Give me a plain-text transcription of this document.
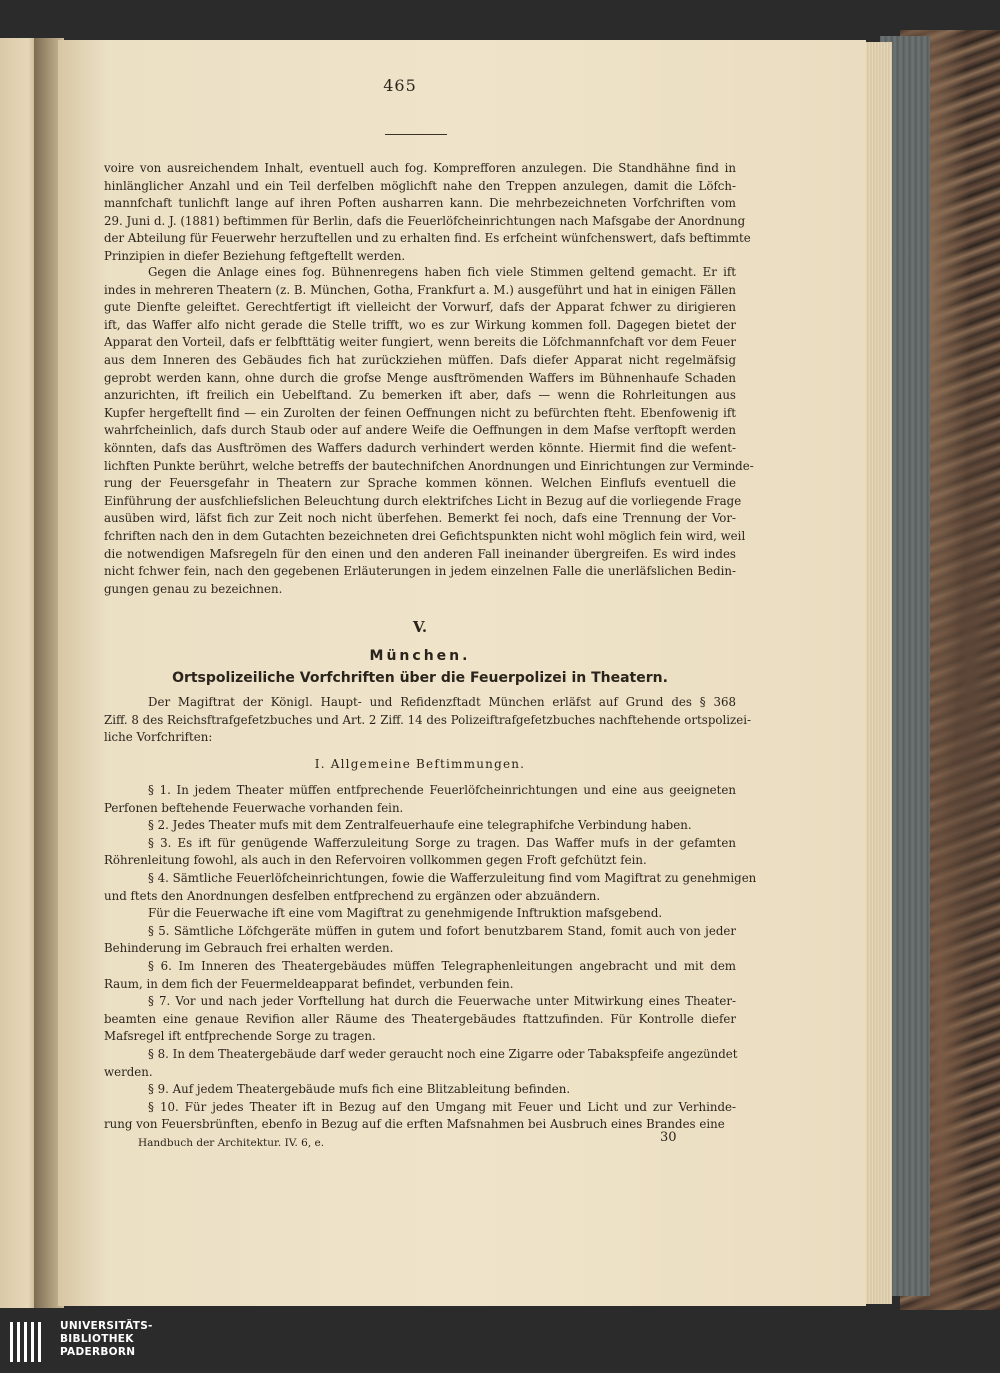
465
voire von ausreichendem Inhalt, eventuell auch fog. Komprefforen anzulegen. Die Standhähne find in
hinlänglicher Anzahl und ein Teil derfelben möglichft nahe den Treppen anzulegen, damit die Löfch-
mannfchaft tunlichft lange auf ihren Poften ausharren kann. Die mehrbezeichneten Vorfchriften vom
29. Juni d. J. (1881) beftimmen für Berlin, dafs die Feuerlöfcheinrichtungen nach Mafsgabe der Anordnung
der Abteilung für Feuerwehr herzuftellen und zu erhalten find. Es erfcheint wünfchenswert, dafs beftimmte
Prinzipien in diefer Beziehung feftgeftellt werden.
Gegen die Anlage eines fog. Bühnenregens haben fich viele Stimmen geltend gemacht. Er ift
indes in mehreren Theatern (z. B. München, Gotha, Frankfurt a. M.) ausgeführt und hat in einigen Fällen
gute Dienfte geleiftet. Gerechtfertigt ift vielleicht der Vorwurf, dafs der Apparat fchwer zu dirigieren
ift, das Waffer alfo nicht gerade die Stelle trifft, wo es zur Wirkung kommen foll. Dagegen bietet der
Apparat den Vorteil, dafs er felbfttätig weiter fungiert, wenn bereits die Löfchmannfchaft vor dem Feuer
aus dem Inneren des Gebäudes fich hat zurückziehen müffen. Dafs diefer Apparat nicht regelmäfsig
geprobt werden kann, ohne durch die grofse Menge ausftrömenden Waffers im Bühnenhaufe Schaden
anzurichten, ift freilich ein Uebelftand. Zu bemerken ift aber, dafs — wenn die Rohrleitungen aus
Kupfer hergeftellt find — ein Zurolten der feinen Oeffnungen nicht zu befürchten fteht. Ebenfowenig ift
wahrfcheinlich, dafs durch Staub oder auf andere Weife die Oeffnungen in dem Mafse verftopft werden
könnten, dafs das Ausftrömen des Waffers dadurch verhindert werden könnte. Hiermit find die wefent-
lichften Punkte berührt, welche betreffs der bautechnifchen Anordnungen und Einrichtungen zur Verminde-
rung der Feuersgefahr in Theatern zur Sprache kommen können. Welchen Einflufs eventuell die
Einführung der ausfchliefslichen Beleuchtung durch elektrifches Licht in Bezug auf die vorliegende Frage
ausüben wird, läfst fich zur Zeit noch nicht überfehen. Bemerkt fei noch, dafs eine Trennung der Vor-
fchriften nach den in dem Gutachten bezeichneten drei Gefichtspunkten nicht wohl möglich fein wird, weil
die notwendigen Mafsregeln für den einen und den anderen Fall ineinander übergreifen. Es wird indes
nicht fchwer fein, nach den gegebenen Erläuterungen in jedem einzelnen Falle die unerläfslichen Bedin-
gungen genau zu bezeichnen.
V.
München.
Ortspolizeiliche Vorfchriften über die Feuerpolizei in Theatern.
Der Magiftrat der Königl. Haupt- und Refidenzftadt München erläfst auf Grund des § 368
Ziff. 8 des Reichsftrafgefetzbuches und Art. 2 Ziff. 14 des Polizeiftrafgefetzbuches nachftehende ortspolizei-
liche Vorfchriften:
I. Allgemeine Beftimmungen.
§ 1. In jedem Theater müffen entfprechende Feuerlöfcheinrichtungen und eine aus geeigneten
Perfonen beftehende Feuerwache vorhanden fein.
§ 2. Jedes Theater mufs mit dem Zentralfeuerhaufe eine telegraphifche Verbindung haben.
§ 3. Es ift für genügende Wafferzuleitung Sorge zu tragen. Das Waffer mufs in der gefamten
Röhrenleitung fowohl, als auch in den Refervoiren vollkommen gegen Froft gefchützt fein.
§ 4. Sämtliche Feuerlöfcheinrichtungen, fowie die Wafferzuleitung find vom Magiftrat zu genehmigen
und ftets den Anordnungen desfelben entfprechend zu ergänzen oder abzuändern.
Für die Feuerwache ift eine vom Magiftrat zu genehmigende Inftruktion mafsgebend.
§ 5. Sämtliche Löfchgeräte müffen in gutem und fofort benutzbarem Stand, fomit auch von jeder
Behinderung im Gebrauch frei erhalten werden.
§ 6. Im Inneren des Theatergebäudes müffen Telegraphenleitungen angebracht und mit dem
Raum, in dem fich der Feuermeldeapparat befindet, verbunden fein.
§ 7. Vor und nach jeder Vorftellung hat durch die Feuerwache unter Mitwirkung eines Theater-
beamten eine genaue Revifion aller Räume des Theatergebäudes ftattzufinden. Für Kontrolle diefer
Mafsregel ift entfprechende Sorge zu tragen.
§ 8. In dem Theatergebäude darf weder geraucht noch eine Zigarre oder Tabakspfeife angezündet
werden.
§ 9. Auf jedem Theatergebäude mufs fich eine Blitzableitung befinden.
§ 10. Für jedes Theater ift in Bezug auf den Umgang mit Feuer und Licht und zur Verhinde-
rung von Feuersbrünften, ebenfo in Bezug auf die erften Mafsnahmen bei Ausbruch eines Brandes eine
Handbuch der Architektur. IV. 6, e.	30
UNIVERSITÄTS-
BIBLIOTHEK
PADERBORN
